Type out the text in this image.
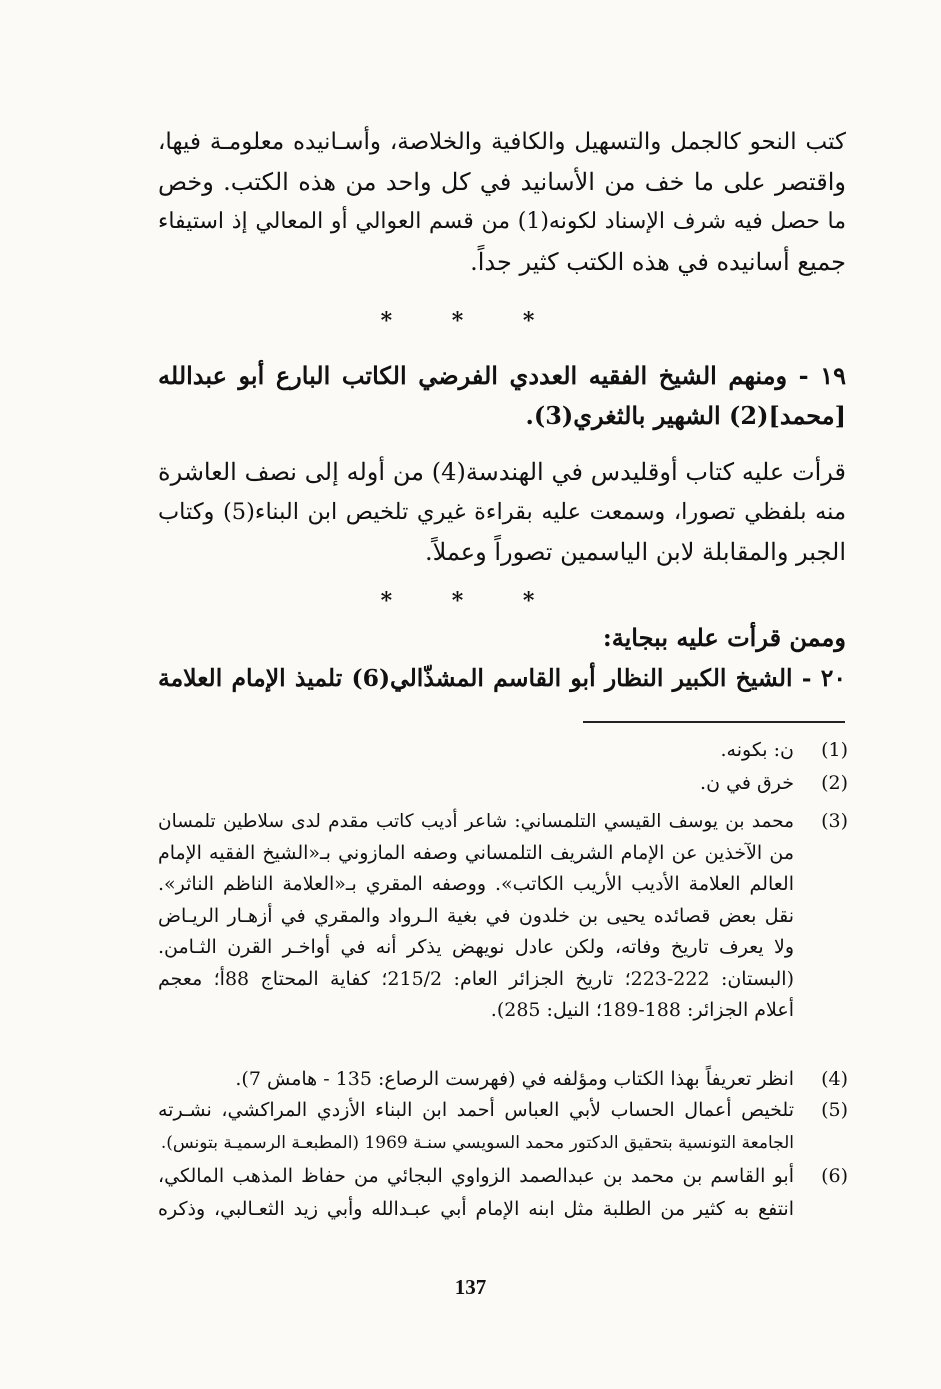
كتب النحو كالجمل والتسهيل والكافية والخلاصة، وأسـانيده معلومـة فيها،
واقتصر على ما خف من الأسانيد في كل واحد من هذه الكتب. وخص
ما حصل فيه شرف الإسناد لكونه(1) من قسم العوالي أو المعالي إذ استيفاء
جميع أسانيده في هذه الكتب كثير جداً.
* * *
١٩ - ومنهم الشيخ الفقيه العددي الفرضي الكاتب البارع أبو عبدالله
[محمد](2) الشهير بالثغري(3).
قرأت عليه كتاب أوقليدس في الهندسة(4) من أوله إلى نصف العاشرة
منه بلفظي تصورا، وسمعت عليه بقراءة غيري تلخيص ابن البناء(5) وكتاب
الجبر والمقابلة لابن الياسمين تصوراً وعملاً.
* * *
وممن قرأت عليه ببجاية:
٢٠ - الشيخ الكبير النظار أبو القاسم المشذّالي(6) تلميذ الإمام العلامة
(1)
ن: بكونه.
(2)
خرق في ن.
(3)
محمد بن يوسف القيسي التلمساني: شاعر أديب كاتب مقدم لدى سلاطين تلمسان
من الآخذين عن الإمام الشريف التلمساني وصفه المازوني بـ«الشيخ الفقيه الإمام
العالم العلامة الأديب الأريب الكاتب». ووصفه المقري بـ«العلامة الناظم الناثر».
نقل بعض قصائده يحيى بن خلدون في بغية الـرواد والمقري في أزهـار الريـاض
ولا يعرف تاريخ وفاته، ولكن عادل نويهض يذكر أنه في أواخـر القرن الثـامن.
(البستان: 222-223؛ تاريخ الجزائر العام: 215/2؛ كفاية المحتاج 88أ؛ معجم
أعلام الجزائر: 188-189؛ النيل: 285).
(4)
انظر تعريفاً بهذا الكتاب ومؤلفه في (فهرست الرصاع: 135 - هامش 7).
(5)
تلخيص أعمال الحساب لأبي العباس أحمد ابن البناء الأزدي المراكشي، نشـرته
الجامعة التونسية بتحقيق الدكتور محمد السويسي سنـة 1969 (المطبعـة الرسميـة بتونس).
(6)
أبو القاسم بن محمد بن عبدالصمد الزواوي البجائي من حفاظ المذهب المالكي،
انتفع به كثير من الطلبة مثل ابنه الإمام أبي عبـدالله وأبي زيد الثعـالبي، وذكره
137
